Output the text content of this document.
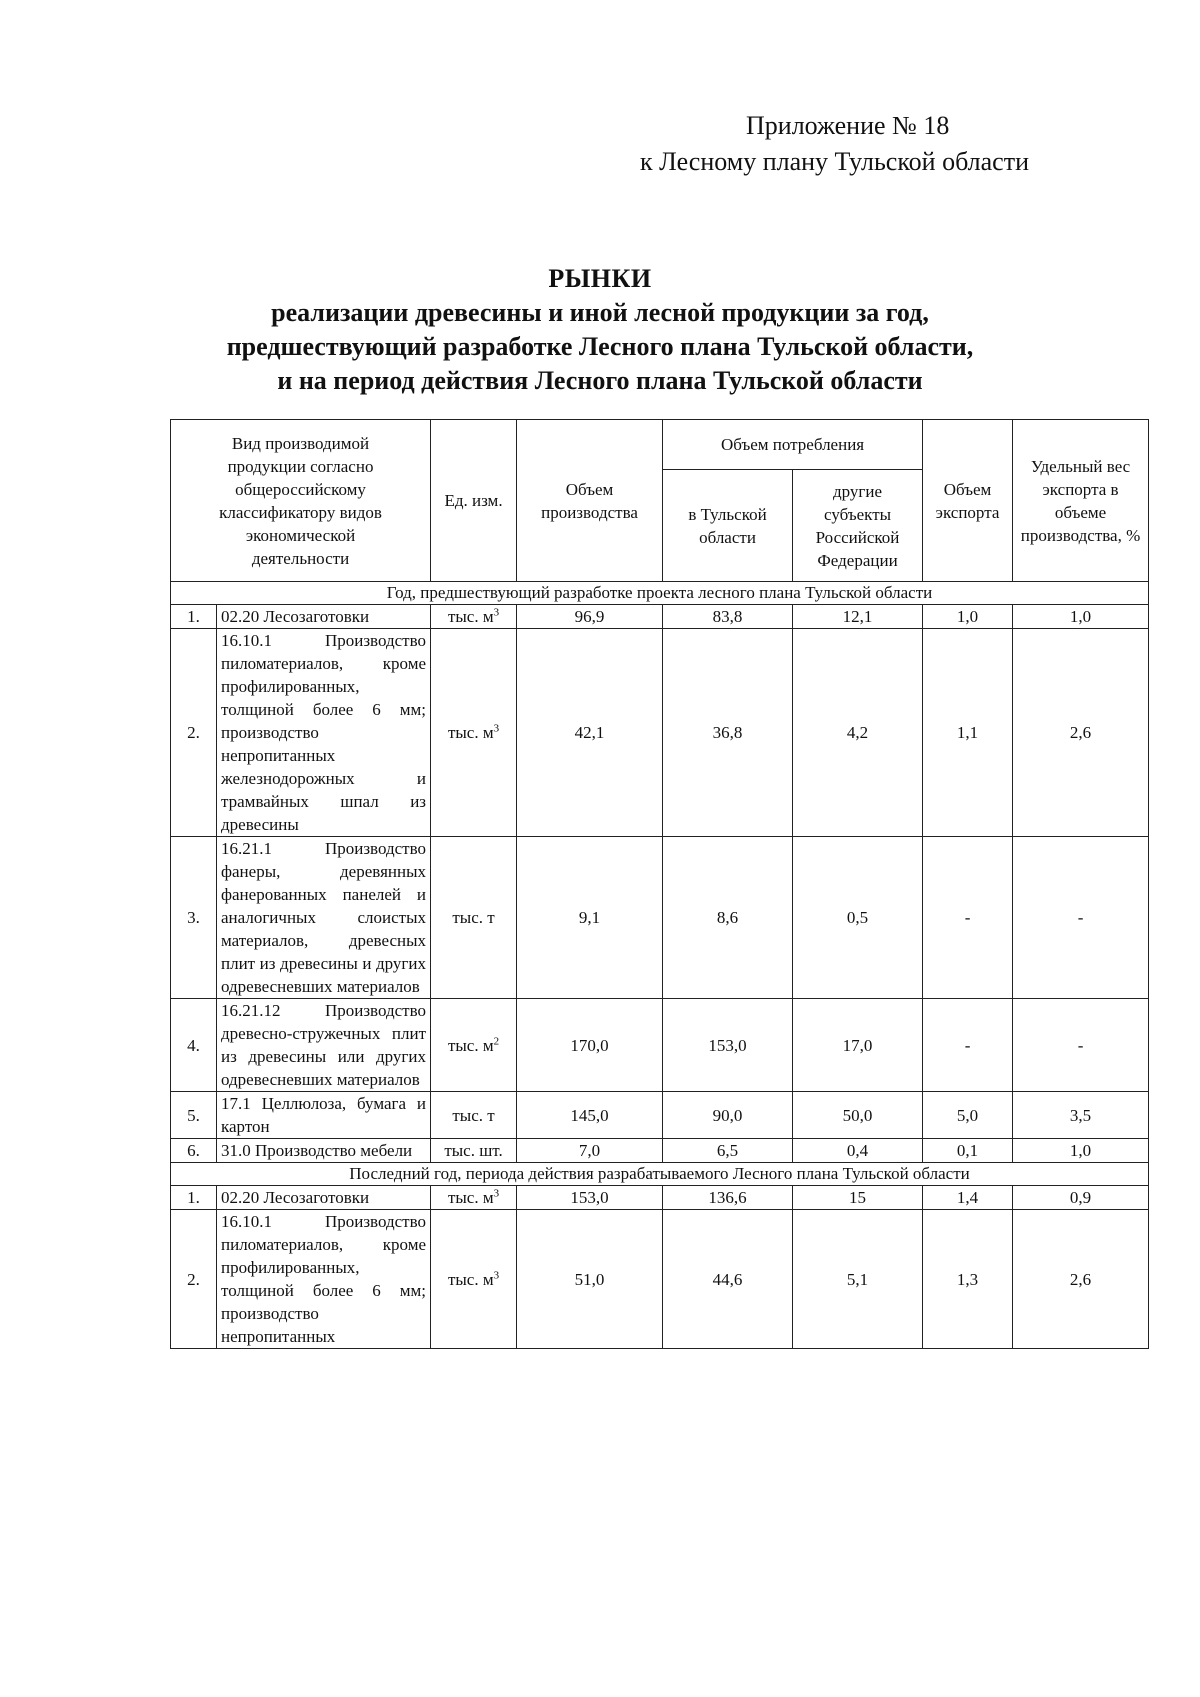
Приложение № 18
к Лесному плану Тульской области
РЫНКИ
реализации древесины и иной лесной продукции за год,
предшествующий разработке Лесного плана Тульской области,
и на период действия Лесного плана Тульской области
Вид производимой продукции согласно общероссийскому классификатору видов экономической деятельности		Ед. изм.	Объем производства	Объем потребления		Объем экспорта	Удельный вес экспорта в объеме производства, %
				в Тульской области	другие субъекты Российской Федерации		
Год, предшествующий разработке проекта лесного плана Тульской области							
1.	02.20 Лесозаготовки	тыс. $м^3$	96,9	83,8	12,1	1,0	1,0
2.	16.10.1 Производство пиломатериалов, кроме профилированных, толщиной более 6 мм; производство непропитанных железнодорожных и трамвайных шпал из древесины	тыс. $м^3$	42,1	36,8	4,2	1,1	2,6
3.	16.21.1 Производство фанеры, деревянных фанерованных панелей и аналогичных слоистых материалов, древесных плит из древесины и других одревесневших материалов	тыс. т	9,1	8,6	0,5	-	-
4.	16.21.12 Производство древесно-стружечных плит из древесины или других одревесневших материалов	тыс. $м^2$	170,0	153,0	17,0	-	-
5.	17.1 Целлюлоза, бумага и картон	тыс. т	145,0	90,0	50,0	5,0	3,5
6.	31.0 Производство мебели	тыс. шт.	7,0	6,5	0,4	0,1	1,0
Последний год, периода действия разрабатываемого Лесного плана Тульской области							
1.	02.20 Лесозаготовки	тыс. $м^3$	153,0	136,6	15	1,4	0,9
2.	16.10.1 Производство пиломатериалов, кроме профилированных, толщиной более 6 мм; производство непропитанных	тыс. $м^3$	51,0	44,6	5,1	1,3	2,6
